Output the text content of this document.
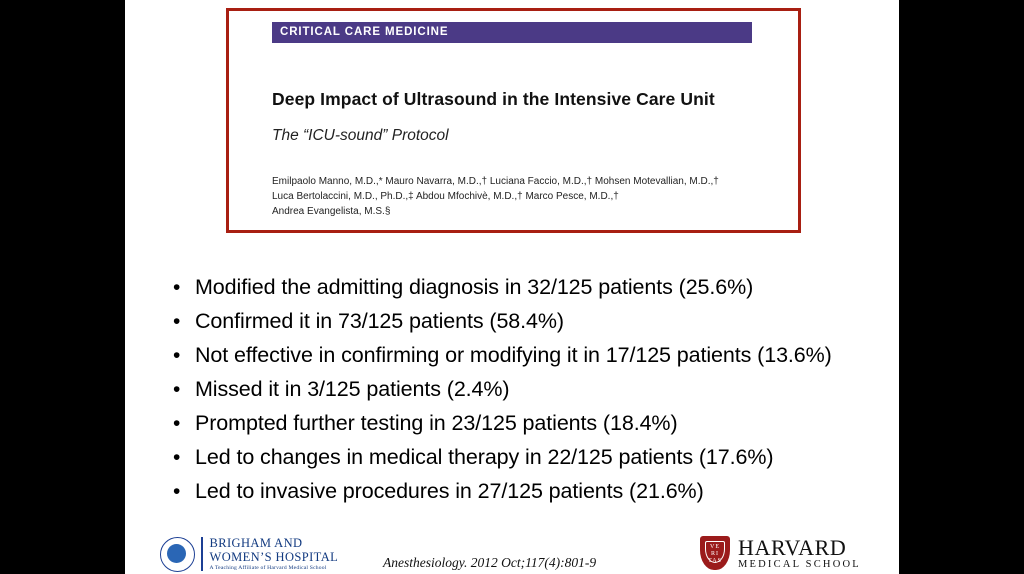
CRITICAL CARE MEDICINE
Deep Impact of Ultrasound in the Intensive Care Unit
The “ICU-sound” Protocol
Emilpaolo Manno, M.D.,* Mauro Navarra, M.D.,† Luciana Faccio, M.D.,† Mohsen Motevallian, M.D.,†
Luca Bertolaccini, M.D., Ph.D.,‡ Abdou Mfochivè, M.D.,† Marco Pesce, M.D.,†
Andrea Evangelista, M.S.§
• Modified the admitting diagnosis in 32/125 patients (25.6%)
• Confirmed it in 73/125 patients (58.4%)
• Not effective in confirming or modifying it in 17/125 patients (13.6%)
• Missed it in 3/125 patients (2.4%)
• Prompted further testing in 23/125 patients (18.4%)
• Led to changes in medical therapy in 22/125 patients (17.6%)
• Led to invasive procedures in 27/125 patients (21.6%)
BRIGHAM AND
WOMEN’S HOSPITAL
A Teaching Affiliate of Harvard Medical School	Anesthesiology. 2012 Oct;117(4):801-9
VE RI TAS
HARVARD
MEDICAL SCHOOL
